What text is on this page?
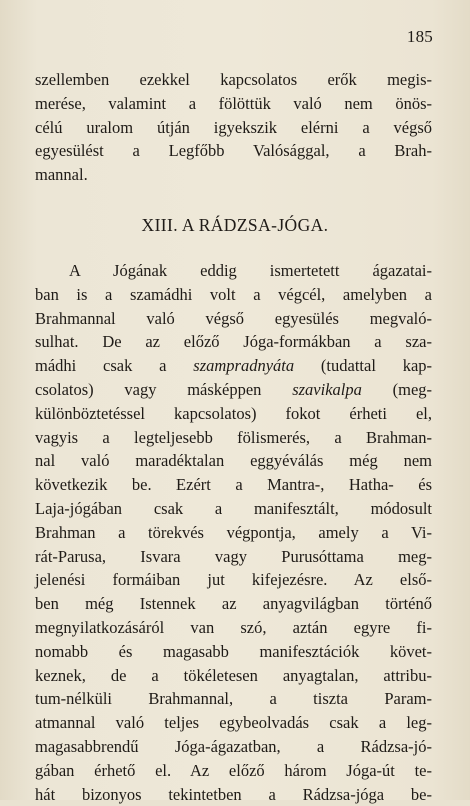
185
szellemben ezekkel kapcsolatos erők megis-
merése, valamint a fölöttük való nem önös-
célú uralom útján igyekszik elérni a végső
egyesülést a Legfőbb Valósággal, a Brah-
mannal.
XIII. A RÁDZSA-JÓGA.
A Jógának eddig ismertetett ágazatai-
ban is a szamádhi volt a végcél, amelyben a
Brahmannal való végső egyesülés megvaló-
sulhat. De az előző Jóga-formákban a sza-
mádhi csak a szampradnyáta (tudattal kap-
csolatos) vagy másképpen szavikalpa (meg-
különböztetéssel kapcsolatos) fokot érheti el,
vagyis a legteljesebb fölismerés, a Brahman-
nal való maradéktalan eggyéválás még nem
következik be. Ezért a Mantra-, Hatha- és
Laja-jógában csak a manifesztált, módosult
Brahman a törekvés végpontja, amely a Vi-
rát-Parusa, Isvara vagy Purusóttama meg-
jelenési formáiban jut kifejezésre. Az első-
ben még Istennek az anyagvilágban történő
megnyilatkozásáról van szó, aztán egyre fi-
nomabb és magasabb manifesztációk követ-
keznek, de a tökéletesen anyagtalan, attribu-
tum-nélküli Brahmannal, a tiszta Param-
atmannal való teljes egybeolvadás csak a leg-
magasabbrendű Jóga-ágazatban, a Rádzsa-jó-
gában érhető el. Az előző három Jóga-út te-
hát bizonyos tekintetben a Rádzsa-jóga be-
